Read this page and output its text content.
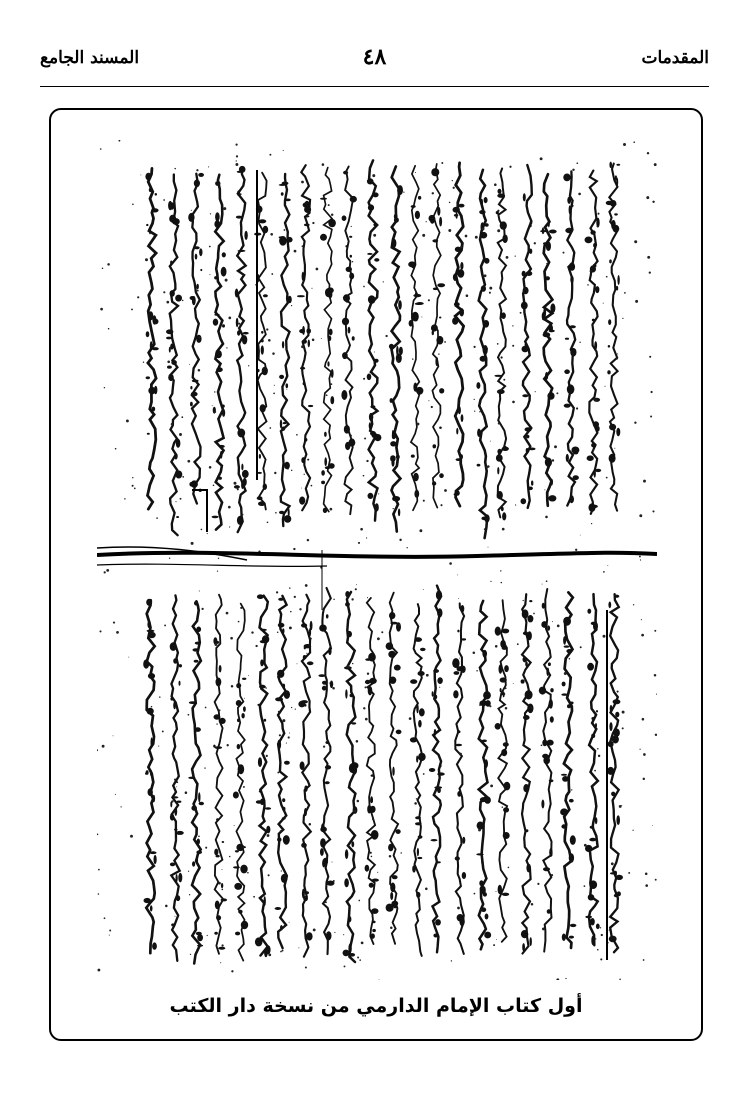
المقدمات
٤٨
المسند الجامع
أول كتاب الإمام الدارمي من نسخة دار الكتب
